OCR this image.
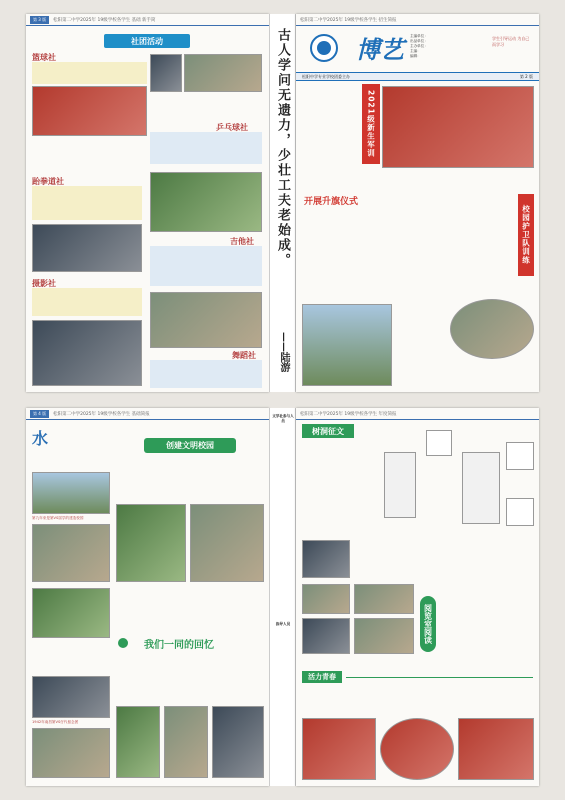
第 3 版	松阳第二中学2025年 19级学校各学生 基础 新手简
社团活动
篮球社
乒乓球社
跆拳道社
吉他社
摄影社
舞蹈社
古人学问无遗力，少壮工夫老始成。
——陆游
松阳第二中学2025年 19级学校各学生 招生简报
博艺 主编单位：
出品单位：
主办单位：
主编：
编辑：
学生引导运动 为自己而学习
松阳中学专业学校团委主办	第 2 版
2021级新生军训
开展升旗仪式
校园护卫队训练
第 4 版	松阳第二中学2025年 19级学校各学生 基础简报
水
第九年来是第VS届学的建造校园
1942年南昌第VS仔代留念团
创建文明校园
我们一同的回忆
文学社参与人员
指导人员
松阳第二中学2025年 19级学校各学生 年度简报
树洞征文
阅览室阅读
活力青春
